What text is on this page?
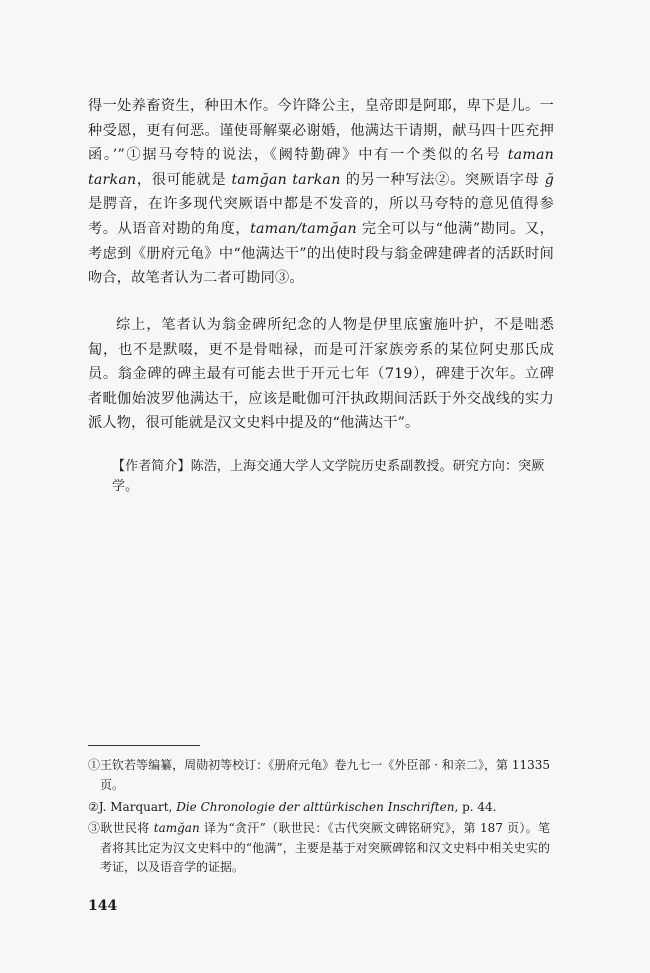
得一处养畜资生，种田木作。今许降公主，皇帝即是阿耶，卑下是儿。一种受恩，更有何恶。谨使哥解粟必谢婚，他满达干请期，献马四十匹充押函。’”①据马夸特的说法，《阙特勤碑》中有一个类似的名号 taman tarkan，很可能就是 tamğan tarkan 的另一种写法②。突厥语字母 ğ 是腭音，在许多现代突厥语中都是不发音的，所以马夸特的意见值得参考。从语音对勘的角度，taman/tamğan 完全可以与“他满”勘同。又，考虑到《册府元龟》中“他满达干”的出使时段与翁金碑建碑者的活跃时间吻合，故笔者认为二者可勘同③。

综上，笔者认为翁金碑所纪念的人物是伊里底蜜施叶护，不是咄悉匐，也不是默啜，更不是骨咄禄，而是可汗家族旁系的某位阿史那氏成员。翁金碑的碑主最有可能去世于开元七年（719），碑建于次年。立碑者毗伽始波罗他满达干，应该是毗伽可汗执政期间活跃于外交战线的实力派人物，很可能就是汉文史料中提及的“他满达干”。

【作者简介】陈浩，上海交通大学人文学院历史系副教授。研究方向：突厥学。

①王钦若等编纂，周勋初等校订：《册府元龟》卷九七一《外臣部 · 和亲二》，第 11335 页。

②J. Marquart, Die Chronologie der alttürkischen Inschriften, p. 44.

③耿世民将 tamğan 译为“贪汗”（耿世民：《古代突厥文碑铭研究》，第 187 页）。笔者将其比定为汉文史料中的“他满”，主要是基于对突厥碑铭和汉文史料中相关史实的考证，以及语音学的证据。

144
